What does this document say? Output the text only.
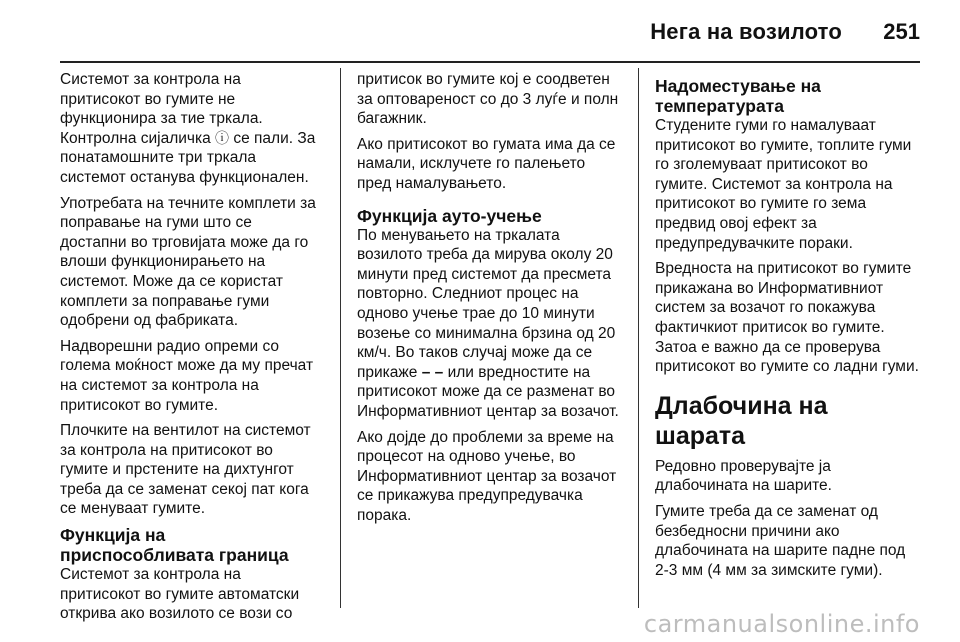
Нега на возилото 251

Системот за контрола на притисокот во гумите не функционира за тие тркала. Контролна сијаличка ⓘ се пали. За понатамошните три тркала системот останува функционален.

Употребата на течните комплети за поправање на гуми што се достапни во трговијата може да го влоши функционирањето на системот. Може да се користат комплети за поправање гуми одобрени од фабриката.

Надворешни радио опреми со голема моќност може да му пречат на системот за контрола на притисокот во гумите.

Плочките на вентилот на системот за контрола на притисокот во гумите и прстените на дихтунгот треба да се заменат секој пат кога се менуваат гумите.

Функција на приспособливата граница

Системот за контрола на притисокот во гумите автоматски открива ако возилото се вози со

притисок во гумите кој е соодветен за оптовареност со до 3 луѓе и полн багажник.

Ако притисокот во гумата има да се намали, исклучете го палењето пред намалувањето.

Функција ауто-учење

По менувањето на тркалата возилото треба да мирува околу 20 минути пред системот да пресмета повторно. Следниот процес на одново учење трае до 10 минути возење со минимална брзина од 20 км/ч. Во таков случај може да се прикаже – – или вредностите на притисокот може да се разменат во Информативниот центар за возачот.

Ако дојде до проблеми за време на процесот на одново учење, во Информативниот центар за возачот се прикажува предупредувачка порака.

Надоместување на температурата

Студените гуми го намалуваат притисокот во гумите, топлите гуми го зголемуваат притисокот во гумите. Системот за контрола на притисокот во гумите го зема предвид овој ефект за предупредувачките пораки.

Вредноста на притисокот во гумите прикажана во Информативниот систем за возачот го покажува фактичкиот притисок во гумите. Затоа е важно да се проверува притисокот во гумите со ладни гуми.

Длабочина на шарата

Редовно проверувајте ја длабочината на шарите.

Гумите треба да се заменат од безбедносни причини ако длабочината на шарите падне под 2-3 мм (4 мм за зимските гуми).

carmanualsonline.info
